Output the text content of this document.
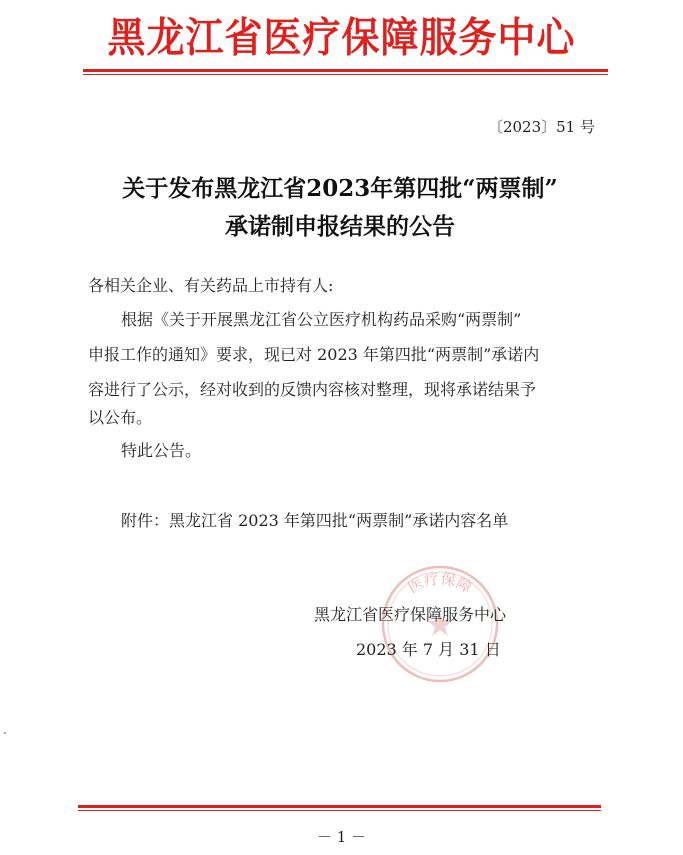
黑龙江省医疗保障服务中心
〔2023〕51 号
关于发布黑龙江省2023年第四批“两票制”
承诺制申报结果的公告
各相关企业、有关药品上市持有人:
根据《关于开展黑龙江省公立医疗机构药品采购“两票制”
申报工作的通知》要求，现已对 2023 年第四批“两票制”承诺内
容进行了公示，经对收到的反馈内容核对整理，现将承诺结果予
以公布。
特此公告。
附件：黑龙江省 2023 年第四批“两票制”承诺内容名单
医疗保障
黑龙江省医疗保障服务中心
2023 年 7 月 31 日
－ 1 －
